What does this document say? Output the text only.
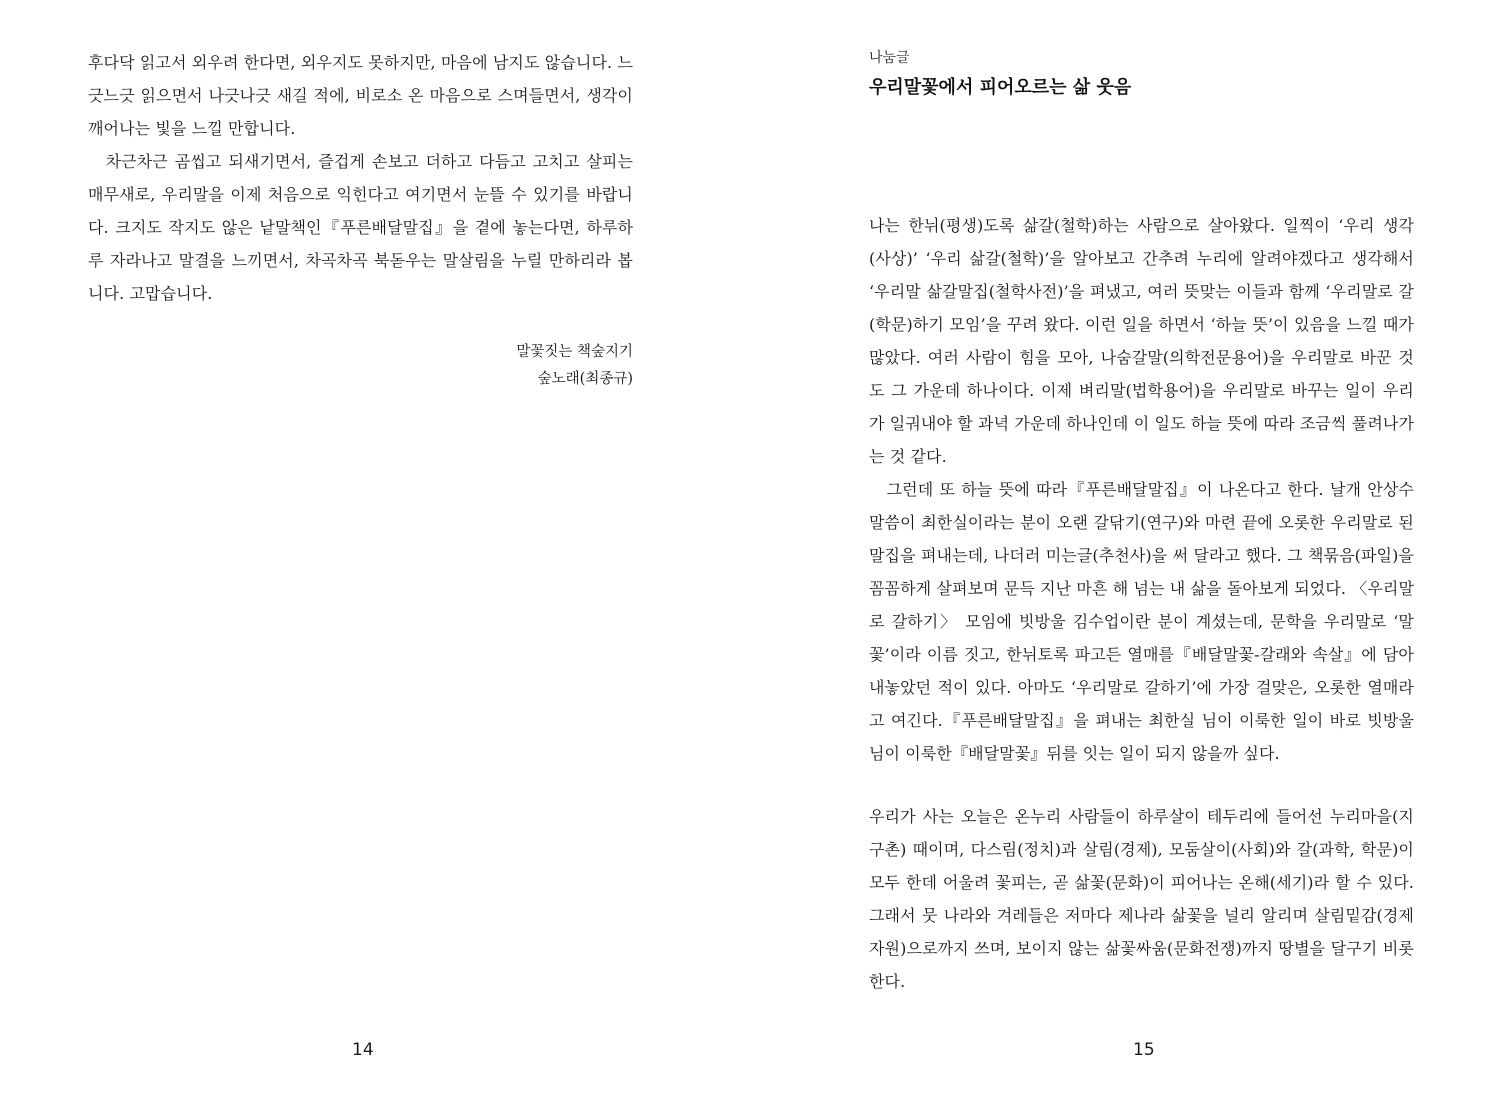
후다닥 읽고서 외우려 한다면, 외우지도 못하지만, 마음에 남지도 않습니다. 느긋느긋 읽으면서 나긋나긋 새길 적에, 비로소 온 마음으로 스며들면서, 생각이 깨어나는 빛을 느낄 만합니다.

차근차근 곰씹고 되새기면서, 즐겁게 손보고 더하고 다듬고 고치고 살피는 매무새로, 우리말을 이제 처음으로 익힌다고 여기면서 눈뜰 수 있기를 바랍니다. 크지도 작지도 않은 낱말책인『푸른배달말집』을 곁에 놓는다면, 하루하루 자라나고 말결을 느끼면서, 차곡차곡 북돋우는 말살림을 누릴 만하리라 봅니다. 고맙습니다.

말꽃짓는 책숲지기
숲노래(최종규)
14
나눔글
우리말꽃에서 피어오르는 삶 웃음

나는 한뉘(평생)도록 삶갈(철학)하는 사람으로 살아왔다. 일찍이 ‘우리 생각(사상)’ ‘우리 삶갈(철학)’을 알아보고 간추려 누리에 알려야겠다고 생각해서 ‘우리말 삶갈말집(철학사전)’을 펴냈고, 여러 뜻맞는 이들과 함께 ‘우리말로 갈(학문)하기 모임’을 꾸려 왔다. 이런 일을 하면서 ‘하늘 뜻’이 있음을 느낄 때가 많았다. 여러 사람이 힘을 모아, 나숨갈말(의학전문용어)을 우리말로 바꾼 것도 그 가운데 하나이다. 이제 벼리말(법학용어)을 우리말로 바꾸는 일이 우리가 일궈내야 할 과녁 가운데 하나인데 이 일도 하늘 뜻에 따라 조금씩 풀려나가는 것 같다.

그런데 또 하늘 뜻에 따라『푸른배달말집』이 나온다고 한다. 날개 안상수 말씀이 최한실이라는 분이 오랜 갈닦기(연구)와 마련 끝에 오롯한 우리말로 된 말집을 펴내는데, 나더러 미는글(추천사)을 써 달라고 했다. 그 책묶음(파일)을 꼼꼼하게 살펴보며 문득 지난 마흔 해 넘는 내 삶을 돌아보게 되었다. 〈우리말로 갈하기〉 모임에 빗방울 김수업이란 분이 계셨는데, 문학을 우리말로 ‘말꽃’이라 이름 짓고, 한뉘토록 파고든 열매를『배달말꽃-갈래와 속살』에 담아 내놓았던 적이 있다. 아마도 ‘우리말로 갈하기’에 가장 걸맞은, 오롯한 열매라고 여긴다.『푸른배달말집』을 펴내는 최한실 님이 이룩한 일이 바로 빗방울 님이 이룩한『배달말꽃』뒤를 잇는 일이 되지 않을까 싶다.

우리가 사는 오늘은 온누리 사람들이 하루살이 테두리에 들어선 누리마을(지구촌) 때이며, 다스림(정치)과 살림(경제), 모둠살이(사회)와 갈(과학, 학문)이 모두 한데 어울려 꽃피는, 곧 삶꽃(문화)이 피어나는 온해(세기)라 할 수 있다. 그래서 뭇 나라와 겨레들은 저마다 제나라 삶꽃을 널리 알리며 살림밑감(경제자원)으로까지 쓰며, 보이지 않는 삶꽃싸움(문화전쟁)까지 땅별을 달구기 비롯한다.

15
